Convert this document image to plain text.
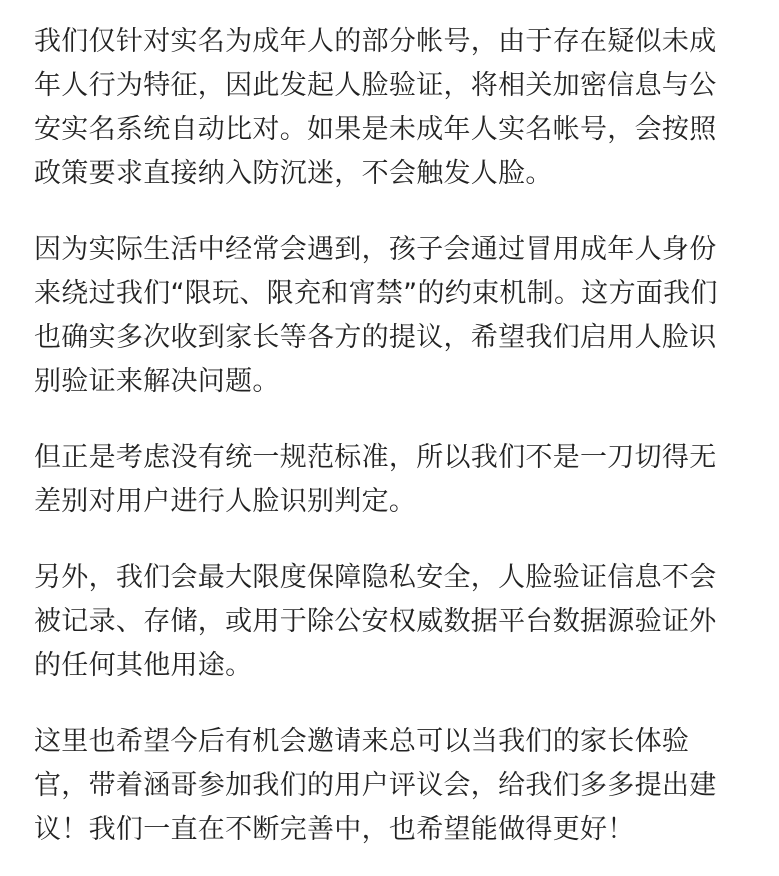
我们仅针对实名为成年人的部分帐号，由于存在疑似未成
年人行为特征，因此发起人脸验证，将相关加密信息与公
安实名系统自动比对。如果是未成年人实名帐号，会按照
政策要求直接纳入防沉迷，不会触发人脸。
因为实际生活中经常会遇到，孩子会通过冒用成年人身份
来绕过我们“限玩、限充和宵禁”的约束机制。这方面我们
也确实多次收到家长等各方的提议，希望我们启用人脸识
别验证来解决问题。
但正是考虑没有统一规范标准，所以我们不是一刀切得无
差别对用户进行人脸识别判定。
另外，我们会最大限度保障隐私安全，人脸验证信息不会
被记录、存储，或用于除公安权威数据平台数据源验证外
的任何其他用途。
这里也希望今后有机会邀请来总可以当我们的家长体验
官，带着涵哥参加我们的用户评议会，给我们多多提出建
议！我们一直在不断完善中，也希望能做得更好！
